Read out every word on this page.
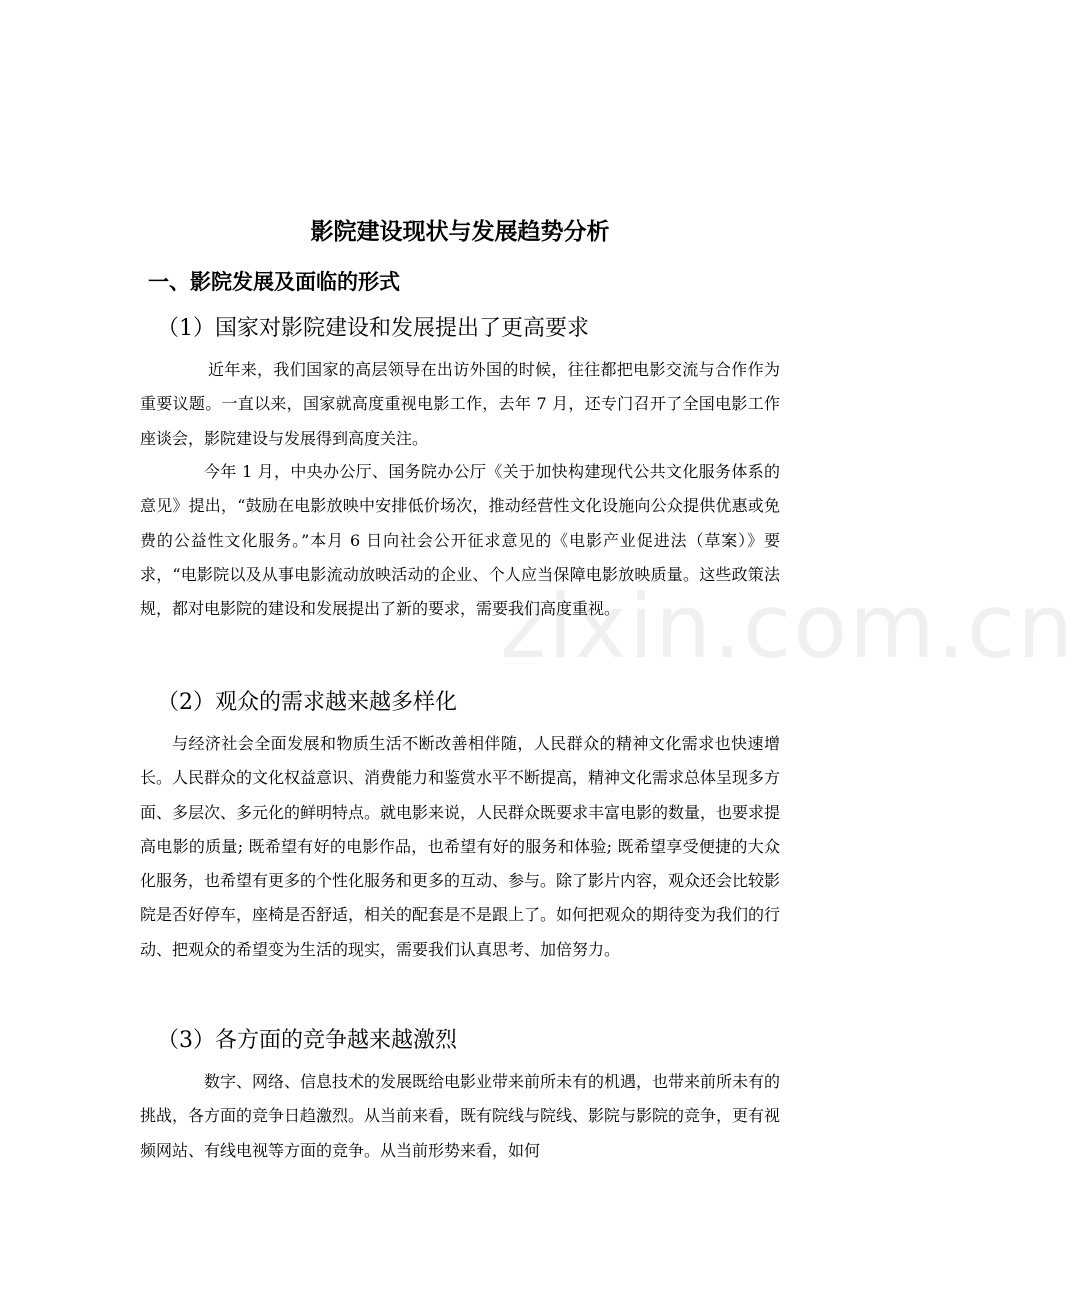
zixin.com.cn
影院建设现状与发展趋势分析
一、影院发展及面临的形式
（1）国家对影院建设和发展提出了更高要求

近年来，我们国家的高层领导在出访外国的时候，往往都把电影交流与合作作为重要议题。一直以来，国家就高度重视电影工作，去年 7 月，还专门召开了全国电影工作座谈会，影院建设与发展得到高度关注。

今年 1 月，中央办公厅、国务院办公厅《关于加快构建现代公共文化服务体系的意见》提出，“鼓励在电影放映中安排低价场次，推动经营性文化设施向公众提供优惠或免费的公益性文化服务。”本月 6 日向社会公开征求意见的《电影产业促进法（草案）》要求，“电影院以及从事电影流动放映活动的企业、个人应当保障电影放映质量。这些政策法规，都对电影院的建设和发展提出了新的要求，需要我们高度重视。

（2）观众的需求越来越多样化

与经济社会全面发展和物质生活不断改善相伴随，人民群众的精神文化需求也快速增长。人民群众的文化权益意识、消费能力和鉴赏水平不断提高，精神文化需求总体呈现多方面、多层次、多元化的鲜明特点。就电影来说，人民群众既要求丰富电影的数量，也要求提高电影的质量; 既希望有好的电影作品，也希望有好的服务和体验; 既希望享受便捷的大众化服务，也希望有更多的个性化服务和更多的互动、参与。除了影片内容，观众还会比较影院是否好停车，座椅是否舒适，相关的配套是不是跟上了。如何把观众的期待变为我们的行动、把观众的希望变为生活的现实，需要我们认真思考、加倍努力。

（3）各方面的竞争越来越激烈

数字、网络、信息技术的发展既给电影业带来前所未有的机遇，也带来前所未有的挑战，各方面的竞争日趋激烈。从当前来看，既有院线与院线、影院与影院的竞争，更有视频网站、有线电视等方面的竞争。从当前形势来看，如何
